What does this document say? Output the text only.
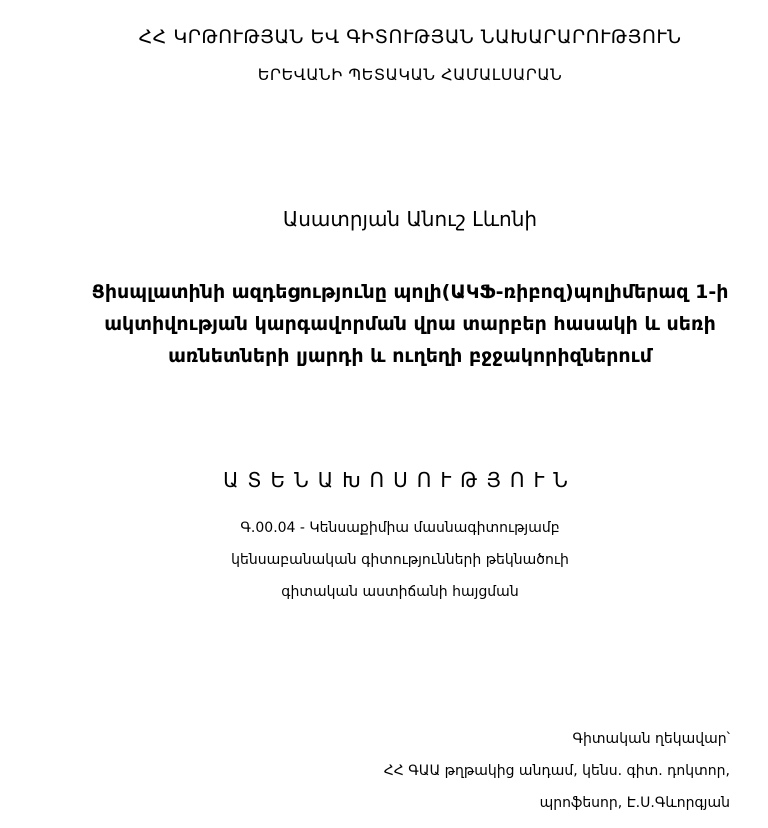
ՀՀ ԿՐԹՈՒԹՅԱՆ ԵՎ ԳԻՏՈՒԹՅԱՆ ՆԱԽԱՐԱՐՈՒԹՅՈՒՆ
ԵՐԵՎԱՆԻ ՊԵՏԱԿԱՆ ՀԱՄԱԼՍԱՐԱՆ
Ասատրյան Անուշ Լևոնի
Ցիսպլատինի ազդեցությունը պոլի(ԱԿՖ-ռիբոզ)պոլիմերազ 1-ի ակտիվության կարգավորման վրա տարբեր հասակի և սեռի առնետների լյարդի և ուղեղի բջջակորիզներում
ԱՏԵՆԱԽՈՍՈՒԹՅՈՒՆ
Գ.00.04 - Կենսաքիմիա մասնագիտությամբ
կենսաբանական գիտությունների թեկնածուի
գիտական աստիճանի հայցման
Գիտական ղեկավար՝
ՀՀ ԳԱԱ թղթակից անդամ, կենս. գիտ. դոկտոր,
պրոֆեսոր, Է.Ս.Գևորգյան
